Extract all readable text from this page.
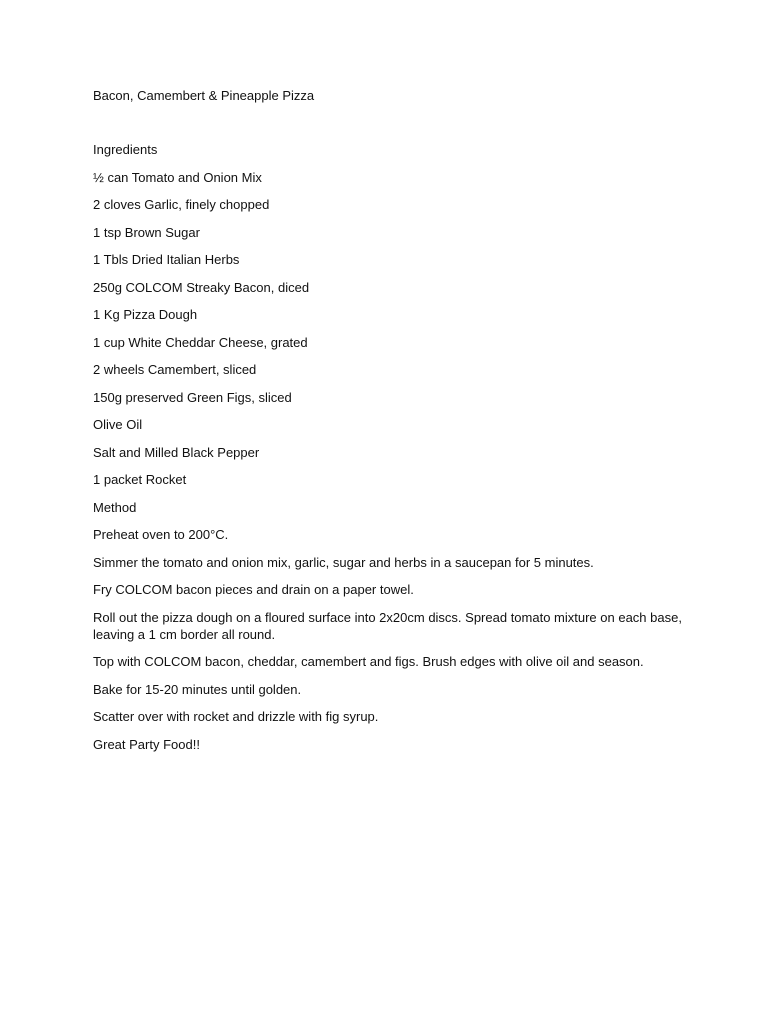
Bacon, Camembert & Pineapple Pizza

Ingredients

½ can Tomato and Onion Mix

2 cloves Garlic, finely chopped

1 tsp Brown Sugar

1 Tbls Dried Italian Herbs

250g COLCOM Streaky Bacon, diced

1 Kg Pizza Dough

1 cup White Cheddar Cheese, grated

2 wheels Camembert, sliced

150g preserved Green Figs, sliced

Olive Oil

Salt and Milled Black Pepper

1 packet Rocket

Method

Preheat oven to 200°C.

Simmer the tomato and onion mix, garlic, sugar and herbs in a saucepan for 5 minutes.

Fry COLCOM bacon pieces and drain on a paper towel.

Roll out the pizza dough on a floured surface into 2x20cm discs. Spread tomato mixture on each base, leaving a 1 cm border all round.

Top with COLCOM bacon, cheddar, camembert and figs. Brush edges with olive oil and season.

Bake for 15-20 minutes until golden.

Scatter over with rocket and drizzle with fig syrup.

Great Party Food!!
